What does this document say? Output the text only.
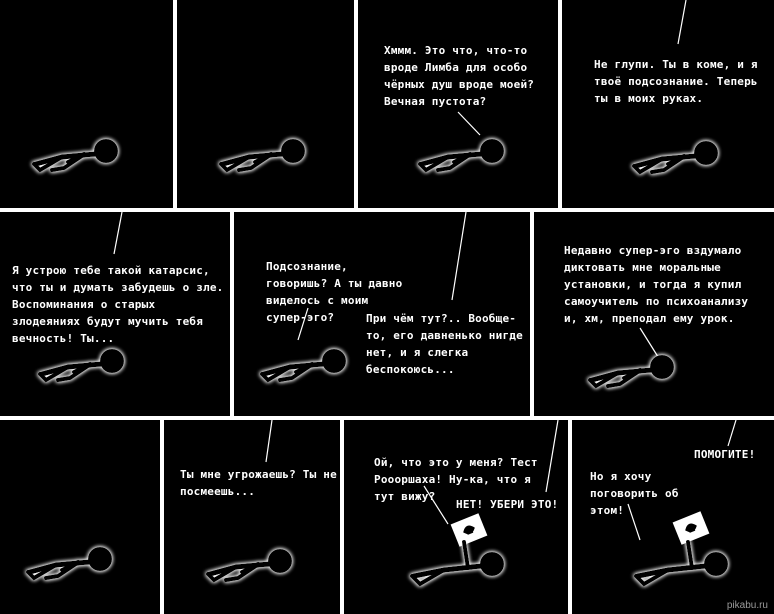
Хммм. Это что, что-то вроде Лимба для особо чёрных душ вроде моей? Вечная пустота?
Не глупи. Ты в коме, и я твоё подсознание. Теперь ты в моих руках.
Я устрою тебе такой катарсис, что ты и думать забудешь о зле. Воспоминания о старых злодеяниях будут мучить тебя вечность! Ты...
Подсознание, говоришь? А ты давно виделось с моим супер-эго?	При чём тут?.. Вообще-то, его давненько нигде нет, и я слегка беспокоюсь...
Недавно супер-эго вздумало диктовать мне моральные установки, и тогда я купил самоучитель по психоанализу и, хм, преподал ему урок.
Ты мне угрожаешь? Ты не посмеешь...
Ой, что это у меня? Тест Роооршаха! Ну-ка, что я тут вижу?
НЕТ! УБЕРИ ЭТО!
ПОМОГИТЕ!
Но я хочу поговорить об этом!
pikabu.ru
